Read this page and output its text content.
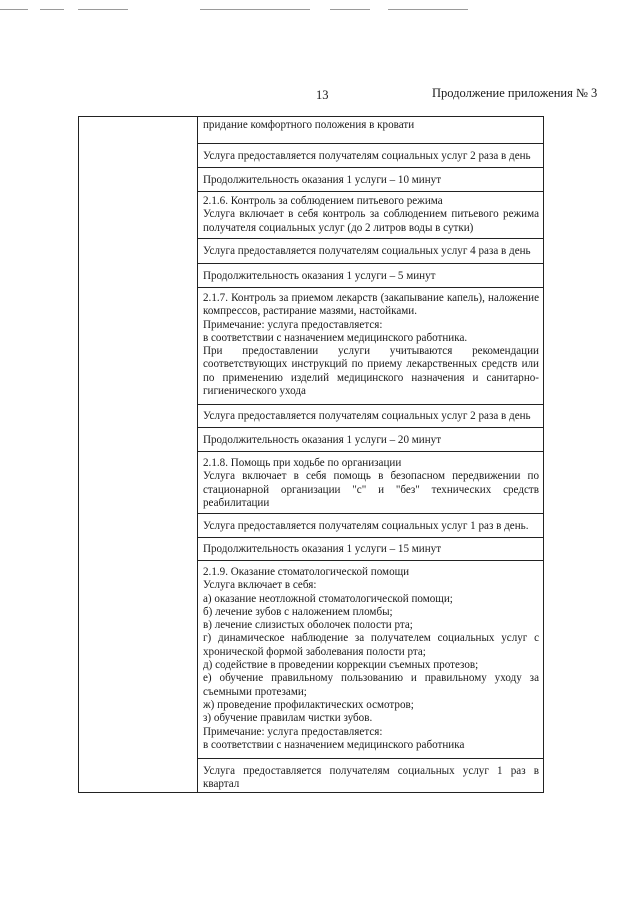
13	Продолжение приложения № 3

придание комфортного положения в кровати

Услуга предоставляется получателям социальных услуг 2 раза в день

Продолжительность оказания 1 услуги – 10 минут

2.1.6. Контроль за соблюдением питьевого режима

Услуга включает в себя контроль за соблюдением питьевого режима получателя социальных услуг (до 2 литров воды в сутки)

Услуга предоставляется получателям социальных услуг 4 раза в день

Продолжительность оказания 1 услуги – 5 минут

2.1.7. Контроль за приемом лекарств (закапывание капель), наложение компрессов, растирание мазями, настойками.

Примечание: услуга предоставляется:

в соответствии с назначением медицинского работника.

При предоставлении услуги учитываются рекомендации соответствующих инструкций по приему лекарственных средств или по применению изделий медицинского назначения и санитарно-гигиенического ухода

Услуга предоставляется получателям социальных услуг 2 раза в день

Продолжительность оказания 1 услуги – 20 минут

2.1.8. Помощь при ходьбе по организации

Услуга включает в себя помощь в безопасном передвижении по стационарной организации "с" и "без" технических средств реабилитации

Услуга предоставляется получателям социальных услуг 1 раз в день.

Продолжительность оказания 1 услуги – 15 минут

2.1.9. Оказание стоматологической помощи

Услуга включает в себя:

а) оказание неотложной стоматологической помощи;

б) лечение зубов с наложением пломбы;

в) лечение слизистых оболочек полости рта;

г) динамическое наблюдение за получателем социальных услуг с хронической формой заболевания полости рта;

д) содействие в проведении коррекции съемных протезов;

е) обучение правильному пользованию и правильному уходу за съемными протезами;

ж) проведение профилактических осмотров;

з) обучение правилам чистки зубов.

Примечание: услуга предоставляется:

в соответствии с назначением медицинского работника

Услуга предоставляется получателям социальных услуг 1 раз в квартал
